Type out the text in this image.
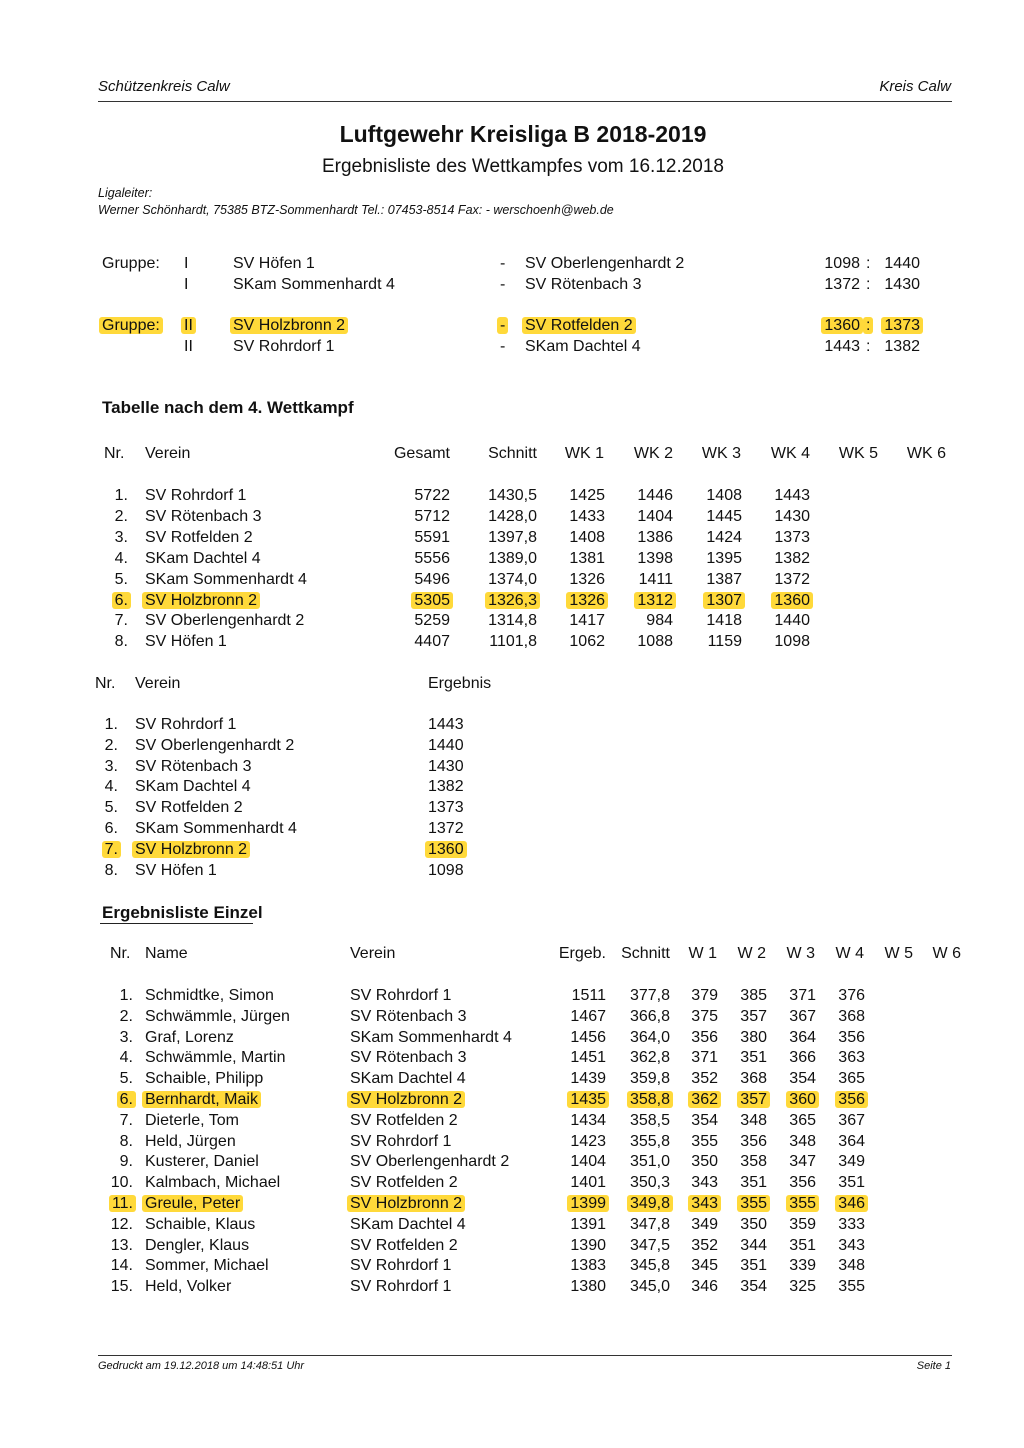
Schützenkreis Calw	Kreis Calw
Luftgewehr Kreisliga B 2018-2019
Ergebnisliste des Wettkampfes vom 16.12.2018
Ligaleiter:
Werner Schönhardt, 75385 BTZ-Sommenhardt Tel.: 07453-8514 Fax: - werschoenh@web.de
Gruppe: I	SV Höfen 1	- SV Oberlengenhardt 2	1098 : 1440
I	SKam Sommenhardt 4	- SV Rötenbach 3	1372 : 1430
Gruppe: II	SV Holzbronn 2	- SV Rotfelden 2	1360 : 1373
II	SV Rohrdorf 1	- SKam Dachtel 4	1443 : 1382
Tabelle nach dem 4. Wettkampf
Nr. Verein	Gesamt Schnitt WK 1 WK 2 WK 3 WK 4 WK 5 WK 6
1. SV Rohrdorf 1	5722 1430,5 1425 1446 1408 1443
2. SV Rötenbach 3	5712 1428,0 1433 1404 1445 1430
3. SV Rotfelden 2	5591 1397,8 1408 1386 1424 1373
4. SKam Dachtel 4	5556 1389,0 1381 1398 1395 1382
5. SKam Sommenhardt 4	5496 1374,0 1326 1411 1387 1372
6. SV Holzbronn 2	5305 1326,3 1326 1312 1307 1360
7. SV Oberlengenhardt 2	5259 1314,8 1417	984 1418 1440
8. SV Höfen 1	4407 1101,8 1062 1088 1159 1098
Nr. Verein	Ergebnis
1. SV Rohrdorf 1	1443
2. SV Oberlengenhardt 2	1440
3. SV Rötenbach 3	1430
4. SKam Dachtel 4	1382
5. SV Rotfelden 2	1373
6. SKam Sommenhardt 4	1372
7. SV Holzbronn 2	1360
8. SV Höfen 1	1098
Ergebnisliste Einzel
Nr. Name	Verein	Ergeb. Schnitt W 1 W 2 W 3 W 4 W 5 W 6
1. Schmidtke, Simon	SV Rohrdorf 1	1511 377,8 379 385 371 376
2. Schwämmle, Jürgen	SV Rötenbach 3	1467 366,8 375 357 367 368
3. Graf, Lorenz	SKam Sommenhardt 4	1456 364,0 356 380 364 356
4. Schwämmle, Martin	SV Rötenbach 3	1451 362,8 371 351 366 363
5. Schaible, Philipp	SKam Dachtel 4	1439 359,8 352 368 354 365
6. Bernhardt, Maik	SV Holzbronn 2	1435 358,8 362 357 360 356
7. Dieterle, Tom	SV Rotfelden 2	1434 358,5 354 348 365 367
8. Held, Jürgen	SV Rohrdorf 1	1423 355,8 355 356 348 364
9. Kusterer, Daniel	SV Oberlengenhardt 2	1404 351,0 350 358 347 349
10. Kalmbach, Michael	SV Rotfelden 2	1401 350,3 343 351 356 351
11. Greule, Peter	SV Holzbronn 2	1399 349,8 343 355 355 346
12. Schaible, Klaus	SKam Dachtel 4	1391 347,8 349 350 359 333
13. Dengler, Klaus	SV Rotfelden 2	1390 347,5 352 344 351 343
14. Sommer, Michael	SV Rohrdorf 1	1383 345,8 345 351 339 348
15. Held, Volker	SV Rohrdorf 1	1380 345,0 346 354 325 355
Gedruckt am 19.12.2018 um 14:48:51 Uhr	Seite 1
